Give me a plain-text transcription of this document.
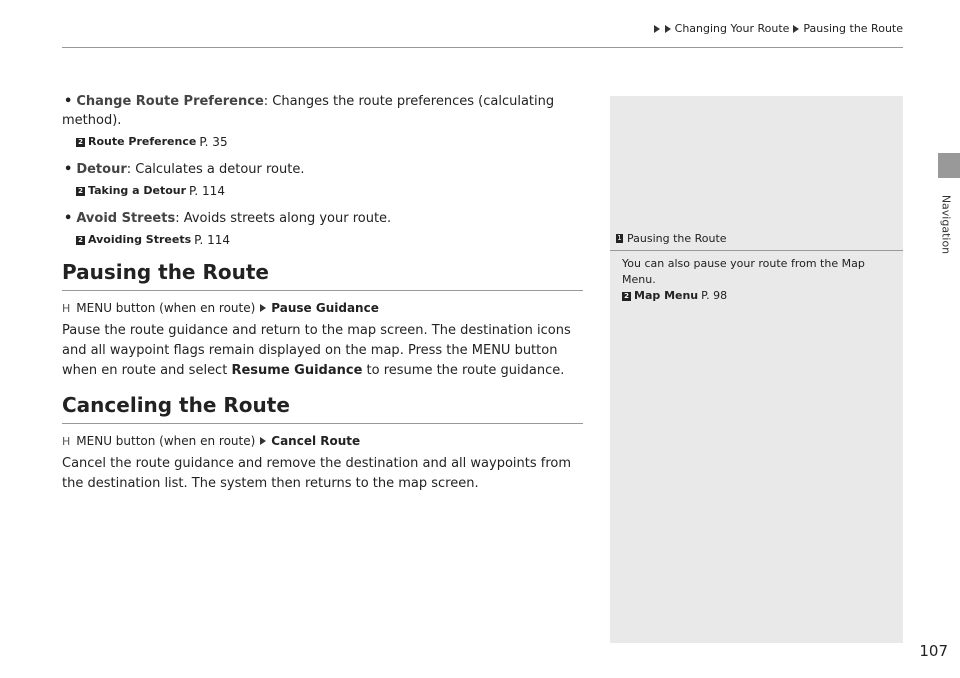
Changing Your Route Pausing the Route
Navigation
• Change Route Preference: Changes the route preferences (calculating method).
2 Route Preference P. 35
• Detour: Calculates a detour route.
2 Taking a Detour P. 114
• Avoid Streets: Avoids streets along your route.
2 Avoiding Streets P. 114
Pausing the Route
H MENU button (when en route) Pause Guidance

Pause the route guidance and return to the map screen. The destination icons and all waypoint flags remain displayed on the map. Press the MENU button when en route and select Resume Guidance to resume the route guidance.

Canceling the Route
H MENU button (when en route) Cancel Route

Cancel the route guidance and remove the destination and all waypoints from the destination list. The system then returns to the map screen.

1 Pausing the Route
You can also pause your route from the Map Menu.
2 Map Menu P. 98
107
